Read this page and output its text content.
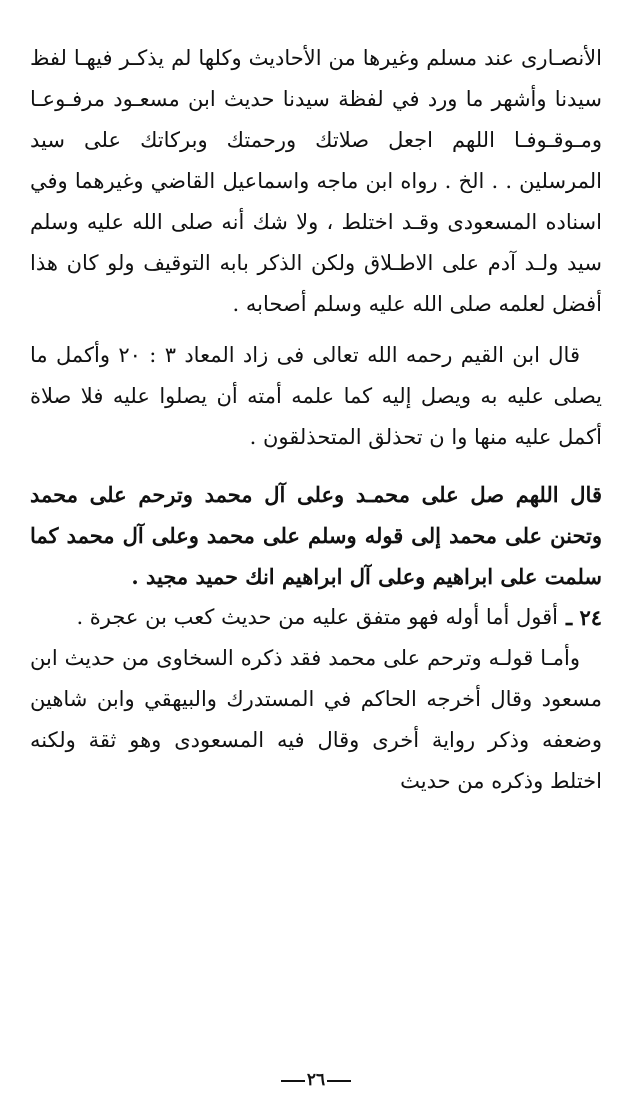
الأنصـارى عند مسلم وغيرها من الأحاديث وكلها لم يذكـر فيهـا لفظ سيدنا وأشهر ما ورد في لفظة سيدنا حديث ابن مسعـود مرفـوعـا ومـوقـوفـا اللهم اجعل صلاتك ورحمتك وبركاتك على سيد المرسلين . . الخ . رواه ابن ماجه واسماعيل القاضي وغيرهما وفي اسناده المسعودى وقـد اختلط ، ولا شك أنه صلى الله عليه وسلم سيد ولـد آدم على الاطـلاق ولكن الذكر بابه التوقيف ولو كان هذا أفضل لعلمه صلى الله عليه وسلم أصحابه .

قال ابن القيم رحمه الله تعالى فى زاد المعاد ٣ : ٢٠ وأكمل ما يصلى عليه به ويصل إليه كما علمه أمته أن يصلوا عليه فلا صلاة أكمل عليه منها وا ن تحذلق المتحذلقون .

قال اللهم صل على محمـد وعلى آل محمد وترحم على محمد وتحنن على محمد إلى قوله وسلم على محمد وعلى آل محمد كما سلمت على ابراهيم وعلى آل ابراهيم انك حميد مجيد .

٢٤ ـ

أقول أما أوله فهو متفق عليه من حديث كعب بن عجرة .

وأمـا قولـه وترحم على محمد فقد ذكره السخاوى من حديث ابن مسعود وقال أخرجه الحاكم في المستدرك والبيهقي وابن شاهين وضعفه وذكر رواية أخرى وقال فيه المسعودى وهو ثقة ولكنه اختلط وذكره من حديث

٢٦
